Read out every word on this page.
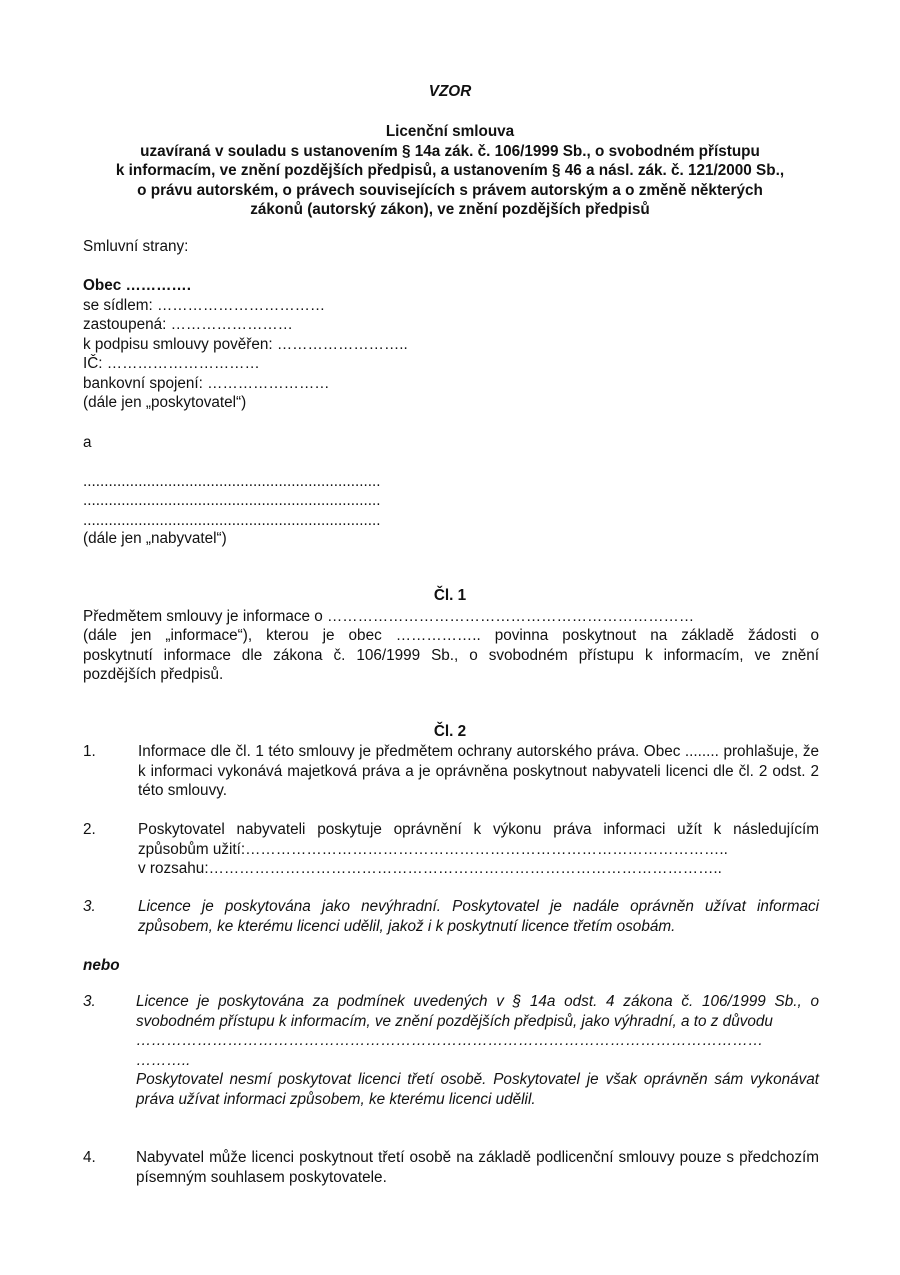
VZOR
Licenční smlouva
uzavíraná v souladu s ustanovením § 14a zák. č. 106/1999 Sb., o svobodném přístupu
k informacím, ve znění pozdějších předpisů, a ustanovením § 46 a násl. zák. č. 121/2000 Sb.,
o právu autorském, o právech souvisejících s právem autorským a o změně některých
zákonů (autorský zákon), ve znění pozdějších předpisů
Smluvní strany:
Obec ………….
se sídlem: ……………………………
zastoupená: ……………………
k podpisu smlouvy pověřen: ……………………..
IČ: …………………………
bankovní spojení: ……………………
(dále jen „poskytovatel“)
a
......................................................................
......................................................................
......................................................................
(dále jen „nabyvatel“)
Čl. 1
Předmětem smlouvy je informace o ………………………………………………………………
(dále jen „informace“), kterou je obec …………….. povinna poskytnout na základě žádosti o
poskytnutí informace dle zákona č. 106/1999 Sb., o svobodném přístupu k informacím, ve znění
pozdějších předpisů.
Čl. 2
1.	Informace dle čl. 1 této smlouvy je předmětem ochrany autorského práva. Obec ........ prohlašuje, že k informaci vykonává majetková práva a je oprávněna poskytnout nabyvateli licenci dle čl. 2 odst. 2 této smlouvy.
2.	Poskytovatel nabyvateli poskytuje oprávnění k výkonu práva informaci užít k následujícím
způsobům užití:…………………………………………………………………………………..
v rozsahu:………………………………………………………………………………………..
3.	Licence je poskytována jako nevýhradní. Poskytovatel je nadále oprávněn užívat informaci způsobem, ke kterému licenci udělil, jakož i k poskytnutí licence třetím osobám.
nebo
3.	Licence je poskytována za podmínek uvedených v § 14a odst. 4 zákona č. 106/1999 Sb., o svobodném přístupu k informacím, ve znění pozdějších předpisů, jako výhradní, a to z důvodu
……………………………………………………………………………………………………………
………..
Poskytovatel nesmí poskytovat licenci třetí osobě. Poskytovatel je však oprávněn sám vykonávat práva užívat informaci způsobem, ke kterému licenci udělil.
4.	Nabyvatel může licenci poskytnout třetí osobě na základě podlicenční smlouvy pouze s předchozím písemným souhlasem poskytovatele.
